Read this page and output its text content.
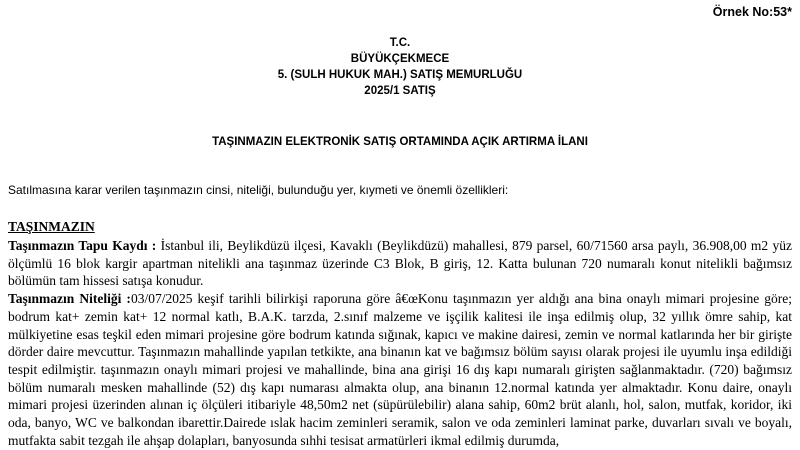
Örnek No:53*
T.C.
BÜYÜKÇEKMECE
5. (SULH HUKUK MAH.) SATIŞ MEMURLUĞU
2025/1 SATIŞ
TAŞINMAZIN ELEKTRONİK SATIŞ ORTAMINDA AÇIK ARTIRMA İLANI
Satılmasına karar verilen taşınmazın cinsi, niteliği, bulunduğu yer, kıymeti ve önemli özellikleri:
TAŞINMAZIN

Taşınmazın Tapu Kaydı : İstanbul ili, Beylikdüzü ilçesi, Kavaklı (Beylikdüzü) mahallesi, 879 parsel, 60/71560 arsa paylı, 36.908,00 m2 yüz ölçümlü 16 blok kargir apartman nitelikli ana taşınmaz üzerinde C3 Blok, B giriş, 12. Katta bulunan 720 numaralı konut nitelikli bağımsız bölümün tam hissesi satışa konudur.

Taşınmazın Niteliği :03/07/2025 keşif tarihli bilirkişi raporuna göre â€œKonu taşınmazın yer aldığı ana bina onaylı mimari projesine göre; bodrum kat+ zemin kat+ 12 normal katlı, B.A.K. tarzda, 2.sınıf malzeme ve işçilik kalitesi ile inşa edilmiş olup, 32 yıllık ömre sahip, kat mülkiyetine esas teşkil eden mimari projesine göre bodrum katında sığınak, kapıcı ve makine dairesi, zemin ve normal katlarında her bir girişte dörder daire mevcuttur. Taşınmazın mahallinde yapılan tetkikte, ana binanın kat ve bağımsız bölüm sayısı olarak projesi ile uyumlu inşa edildiği tespit edilmiştir. taşınmazın onaylı mimari projesi ve mahallinde, bina ana girişi 16 dış kapı numaralı girişten sağlanmaktadır. (720) bağımsız bölüm numaralı mesken mahallinde (52) dış kapı numarası almakta olup, ana binanın 12.normal katında yer almaktadır. Konu daire, onaylı mimari projesi üzerinden alınan iç ölçüleri itibariyle 48,50m2 net (süpürülebilir) alana sahip, 60m2 brüt alanlı, hol, salon, mutfak, koridor, iki oda, banyo, WC ve balkondan ibarettir.Dairede ıslak hacim zeminleri seramik, salon ve oda zeminleri laminat parke, duvarları sıvalı ve boyalı, mutfakta sabit tezgah ile ahşap dolapları, banyosunda sıhhi tesisat armatürleri ikmal edilmiş durumda,
